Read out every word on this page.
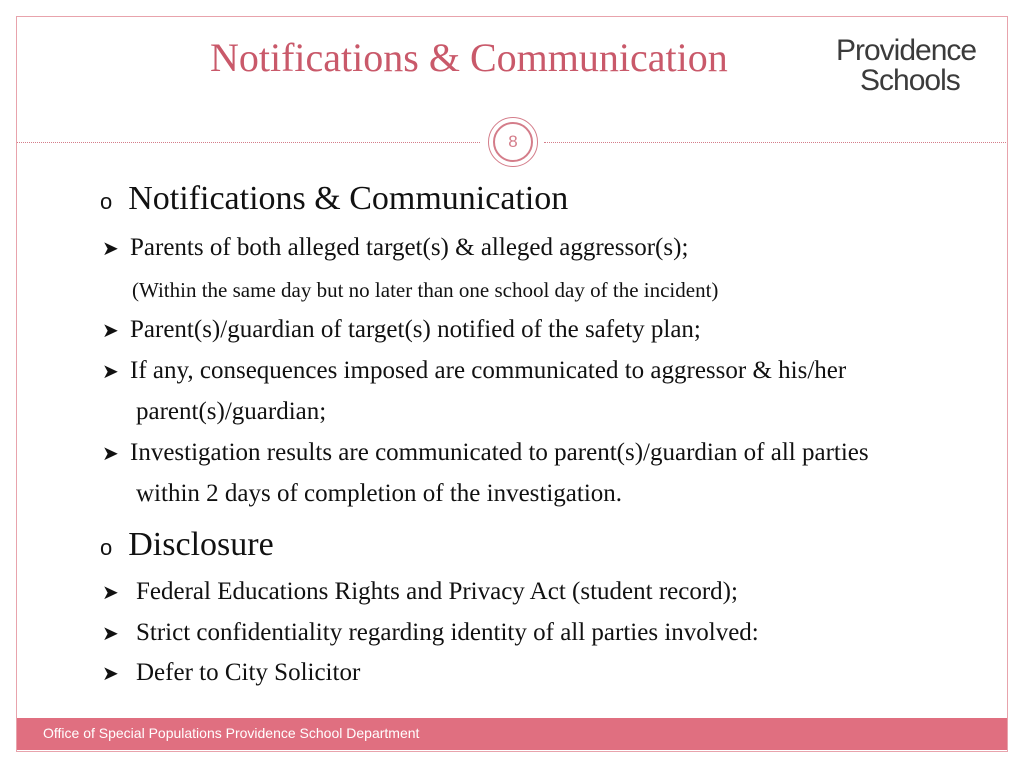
Notifications & Communication	Providence
Schools
8
o Notifications & Communication
➤ Parents of both alleged target(s) & alleged aggressor(s);
(Within the same day but no later than one school day of the incident)
➤ Parent(s)/guardian of target(s) notified of the safety plan;
➤ If any, consequences imposed are communicated to aggressor & his/her
parent(s)/guardian;
➤ Investigation results are communicated to parent(s)/guardian of all parties
within 2 days of completion of the investigation.
o Disclosure
➤ Federal Educations Rights and Privacy Act (student record);
➤ Strict confidentiality regarding identity of all parties involved:
➤ Defer to City Solicitor
Office of Special Populations Providence School Department
